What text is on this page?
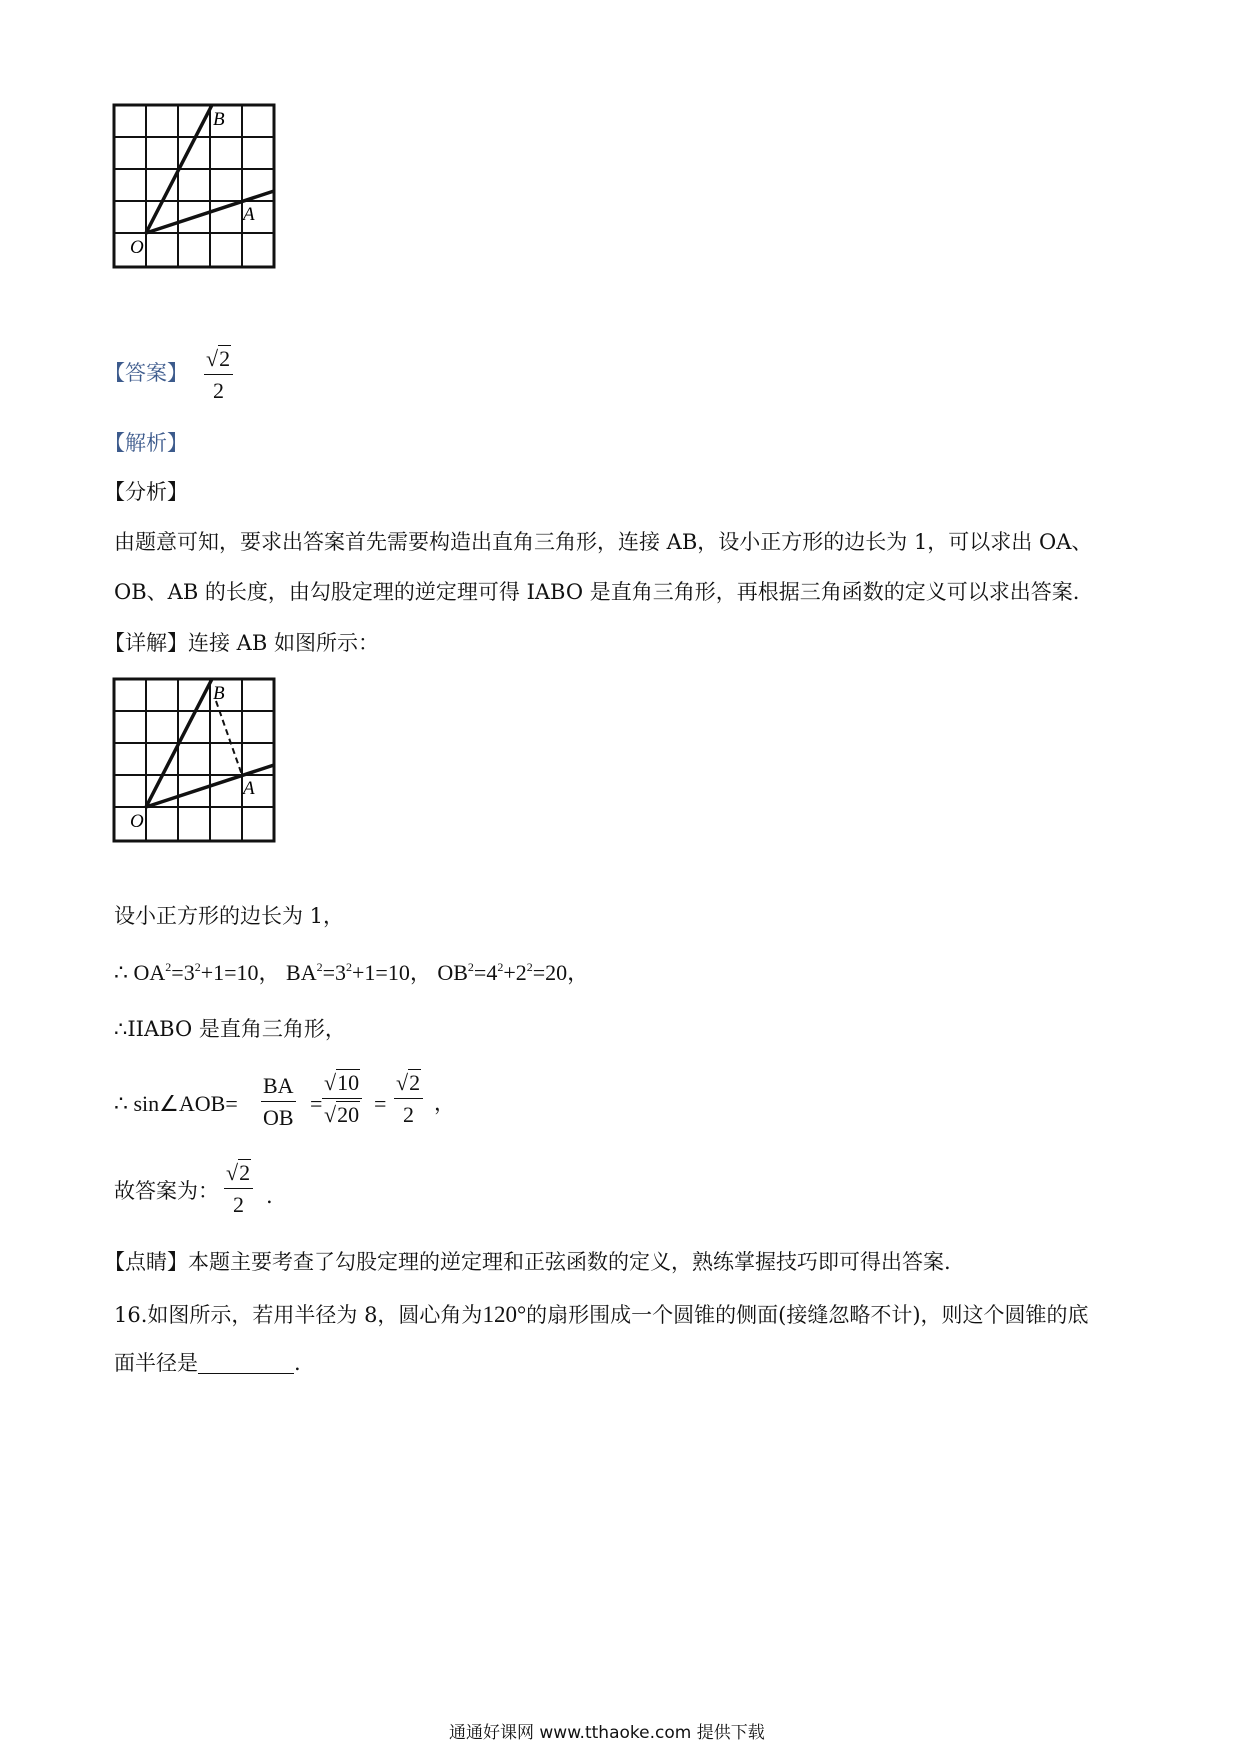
B
A
O
【答案】 $\frac{√2}{2}$
【解析】
【分析】
由题意可知，要求出答案首先需要构造出直角三角形，连接 AB，设小正方形的边长为 1，可以求出 OA、
OB、AB 的长度，由勾股定理的逆定理可得 ⅠABO 是直角三角形，再根据三角函数的定义可以求出答案.
【详解】连接 AB 如图所示：
B
A
O
设小正方形的边长为 1，
∴ $OA^2=3^2+1=10$， $BA^2=3^2+1=10$， $OB^2=4^2+2^2=20$，
∴ⅠⅠABO 是直角三角形，
∴ sin∠AOB= $\frac{BA}{OB} = \frac{√10}{√20} = \frac{√2}{2}$ ，
故答案为： $\frac{√2}{2}$ .
【点睛】本题主要考查了勾股定理的逆定理和正弦函数的定义，熟练掌握技巧即可得出答案.
16.如图所示，若用半径为 8，圆心角为120°的扇形围成一个圆锥的侧面(接缝忽略不计)，则这个圆锥的底
面半径是	.
通通好课网 www.tthaoke.com 提供下载
